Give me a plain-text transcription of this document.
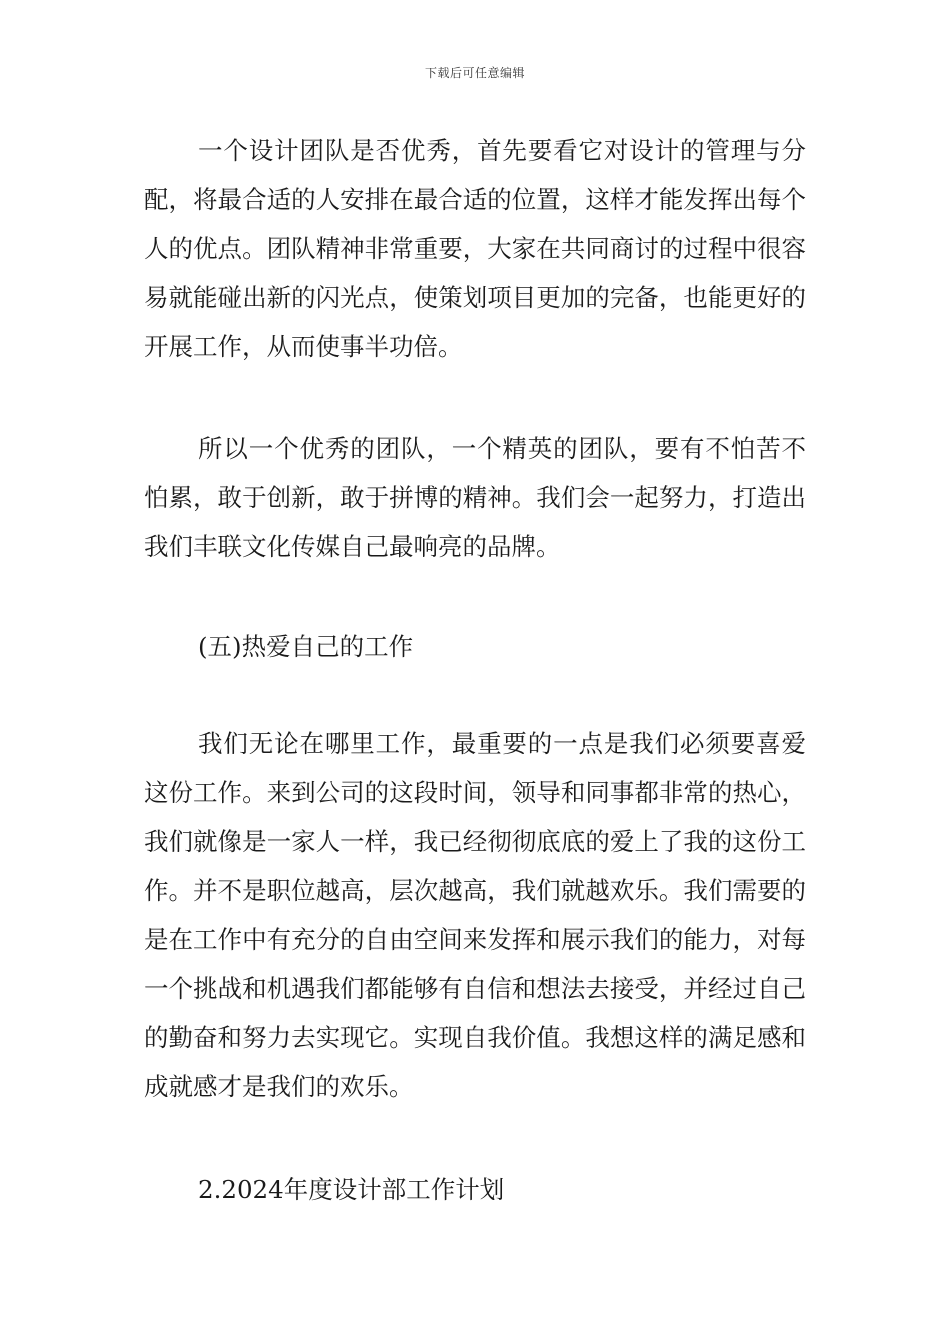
下载后可任意编辑

一个设计团队是否优秀，首先要看它对设计的管理与分配，将最合适的人安排在最合适的位置，这样才能发挥出每个人的优点。团队精神非常重要，大家在共同商讨的过程中很容易就能碰出新的闪光点，使策划项目更加的完备，也能更好的开展工作，从而使事半功倍。

所以一个优秀的团队，一个精英的团队，要有不怕苦不怕累，敢于创新，敢于拼博的精神。我们会一起努力，打造出我们丰联文化传媒自己最响亮的品牌。

(五)热爱自己的工作

我们无论在哪里工作，最重要的一点是我们必须要喜爱这份工作。来到公司的这段时间，领导和同事都非常的热心，我们就像是一家人一样，我已经彻彻底底的爱上了我的这份工作。并不是职位越高，层次越高，我们就越欢乐。我们需要的是在工作中有充分的自由空间来发挥和展示我们的能力，对每一个挑战和机遇我们都能够有自信和想法去接受，并经过自己的勤奋和努力去实现它。实现自我价值。我想这样的满足感和成就感才是我们的欢乐。

2.2024年度设计部工作计划
